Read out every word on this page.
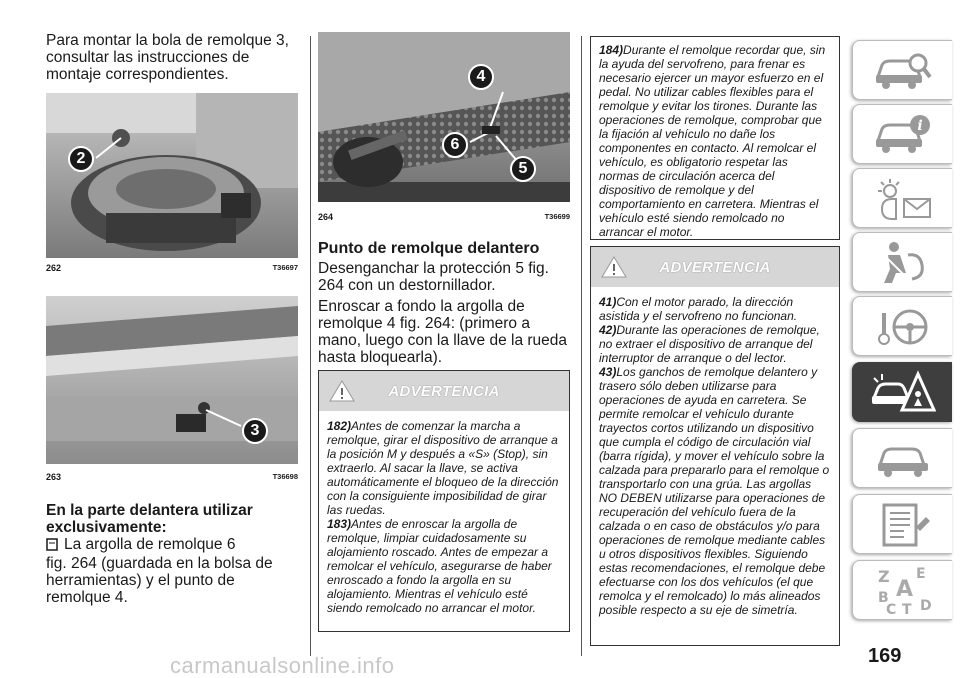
Para montar la bola de remolque 3, consultar las instrucciones de montaje correspondientes.
2
262	T36697
3
263	T36698
En la parte delantera utilizar exclusivamente:
La argolla de remolque 6
fig. 264 (guardada en la bolsa de herramientas) y el punto de remolque 4.
4
6
5
264	T36699
Punto de remolque delantero
Desenganchar la protección 5 fig. 264 con un destornillador.
Enroscar a fondo la argolla de remolque 4 fig. 264: (primero a mano, luego con la llave de la rueda hasta bloquearla).
ADVERTENCIA
182)Antes de comenzar la marcha a remolque, girar el dispositivo de arranque a la posición M y después a «S» (Stop), sin extraerlo. Al sacar la llave, se activa automáticamente el bloqueo de la dirección con la consiguiente imposibilidad de girar las ruedas.
183)Antes de enroscar la argolla de remolque, limpiar cuidadosamente su alojamiento roscado. Antes de empezar a remolcar el vehículo, asegurarse de haber enroscado a fondo la argolla en su alojamiento. Mientras el vehículo esté siendo remolcado no arrancar el motor.
184)Durante el remolque recordar que, sin la ayuda del servofreno, para frenar es necesario ejercer un mayor esfuerzo en el pedal. No utilizar cables flexibles para el remolque y evitar los tirones. Durante las operaciones de remolque, comprobar que la fijación al vehículo no dañe los componentes en contacto. Al remolcar el vehículo, es obligatorio respetar las normas de circulación acerca del dispositivo de remolque y del comportamiento en carretera. Mientras el vehículo esté siendo remolcado no arrancar el motor.
ADVERTENCIA
41)Con el motor parado, la dirección asistida y el servofreno no funcionan.
42)Durante las operaciones de remolque, no extraer el dispositivo de arranque del interruptor de arranque o del lector.
43)Los ganchos de remolque delantero y trasero sólo deben utilizarse para operaciones de ayuda en carretera. Se permite remolcar el vehículo durante trayectos cortos utilizando un dispositivo que cumpla el código de circulación vial (barra rígida), y mover el vehículo sobre la calzada para prepararlo para el remolque o transportarlo con una grúa. Las argollas NO DEBEN utilizarse para operaciones de recuperación del vehículo fuera de la calzada o en caso de obstáculos y/o para operaciones de remolque mediante cables u otros dispositivos flexibles. Siguiendo estas recomendaciones, el remolque debe efectuarse con los dos vehículos (el que remolca y el remolcado) lo más alineados posible respecto a su eje de simetría.
i
Z E
A
B
C T D
169
carmanualsonline.info
